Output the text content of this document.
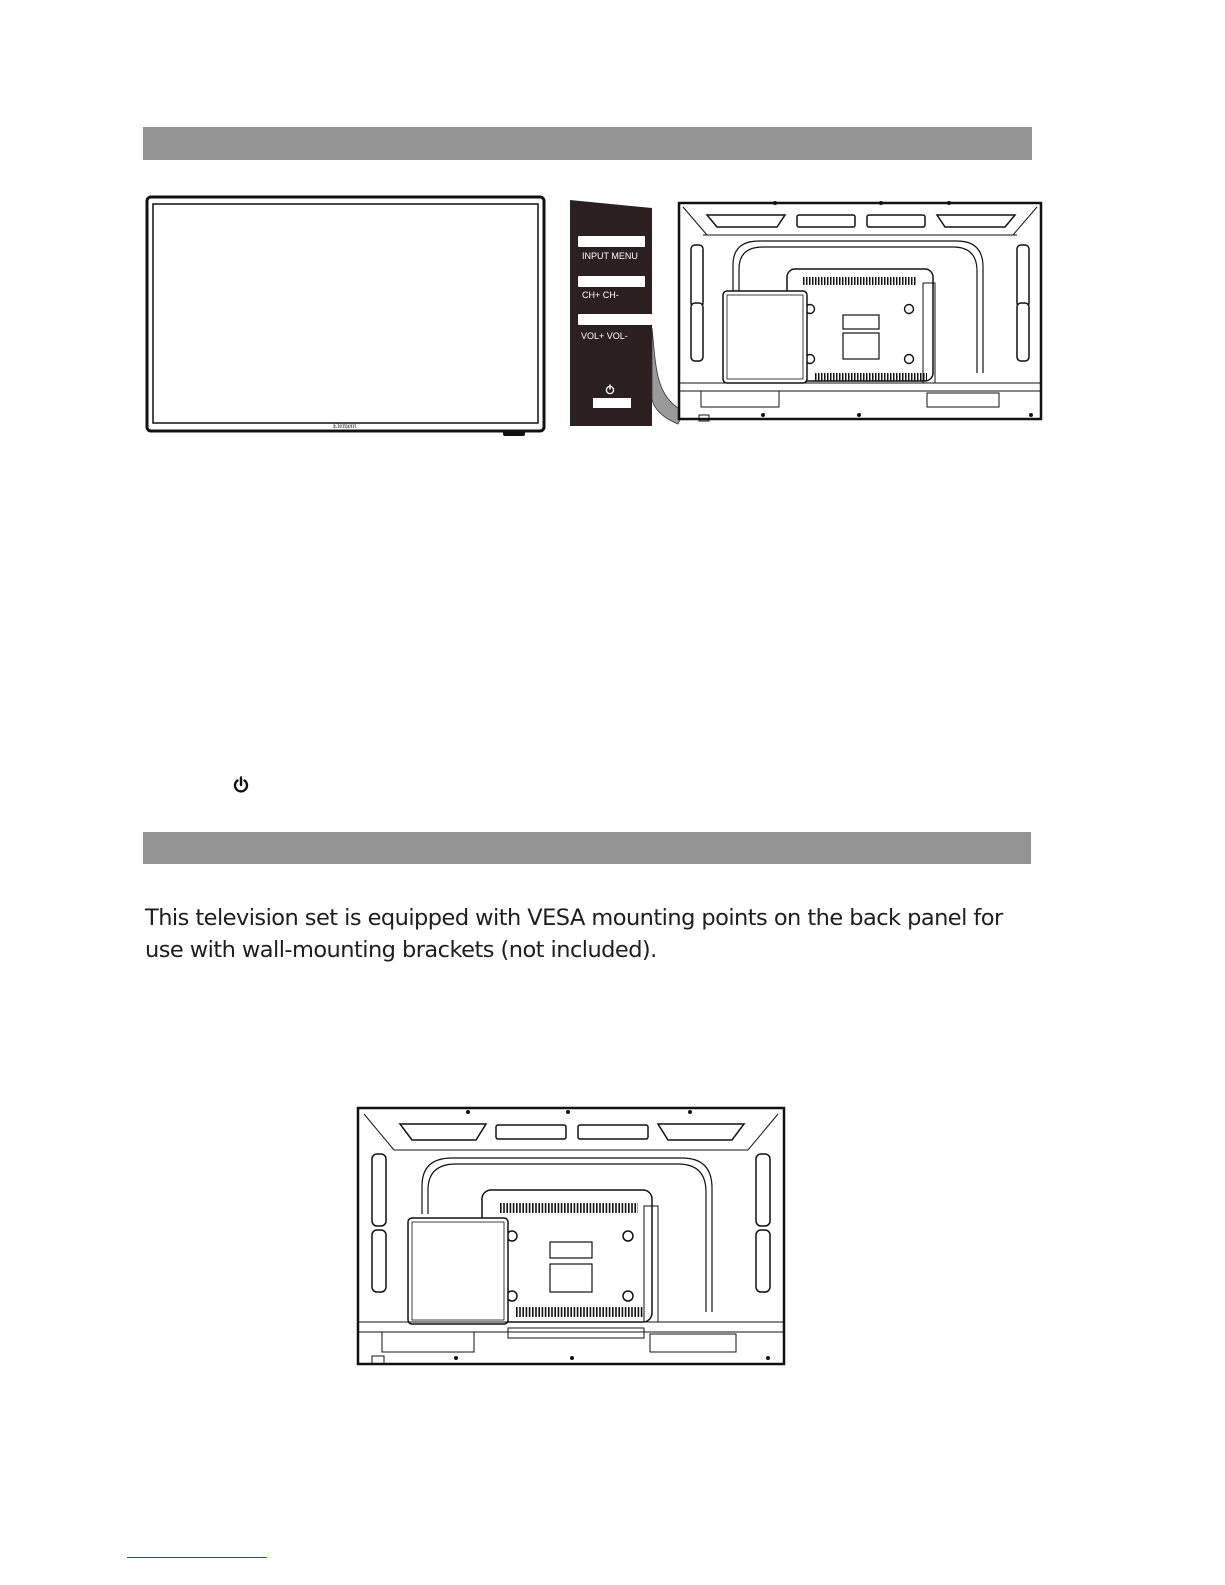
Element
INPUT MENU
CH+ CH-
VOL+ VOL-

This television set is equipped with VESA mounting points on the back panel for use with wall-mounting brackets (not included).
